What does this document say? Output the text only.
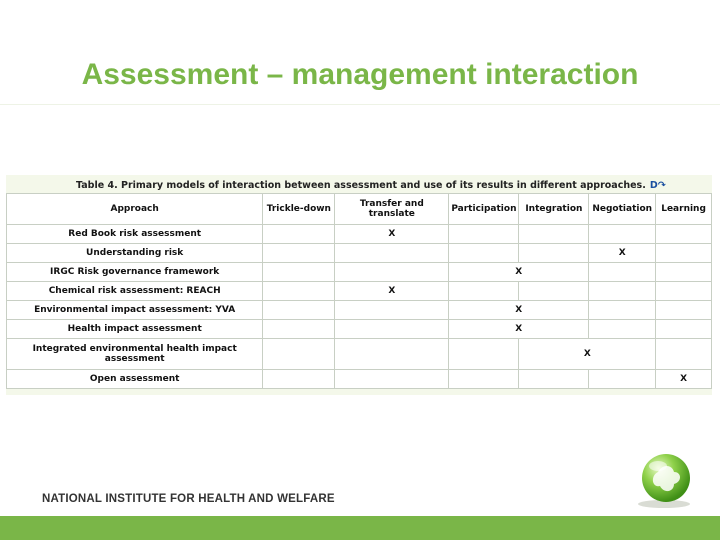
Assessment – management interaction
Table 4. Primary models of interaction between assessment and use of its results in different approaches. D↷
Approach	Trickle-down	Transfer and translate	Participation	Integration	Negotiation	Learning
Red Book risk assessment		X				
Understanding risk					X	
IRGC Risk governance framework			X			
Chemical risk assessment: REACH		X				
Environmental impact assessment: YVA			X			
Health impact assessment			X			
Integrated environmental health impact assessment				X		
Open assessment						X
NATIONAL INSTITUTE FOR HEALTH AND WELFARE
